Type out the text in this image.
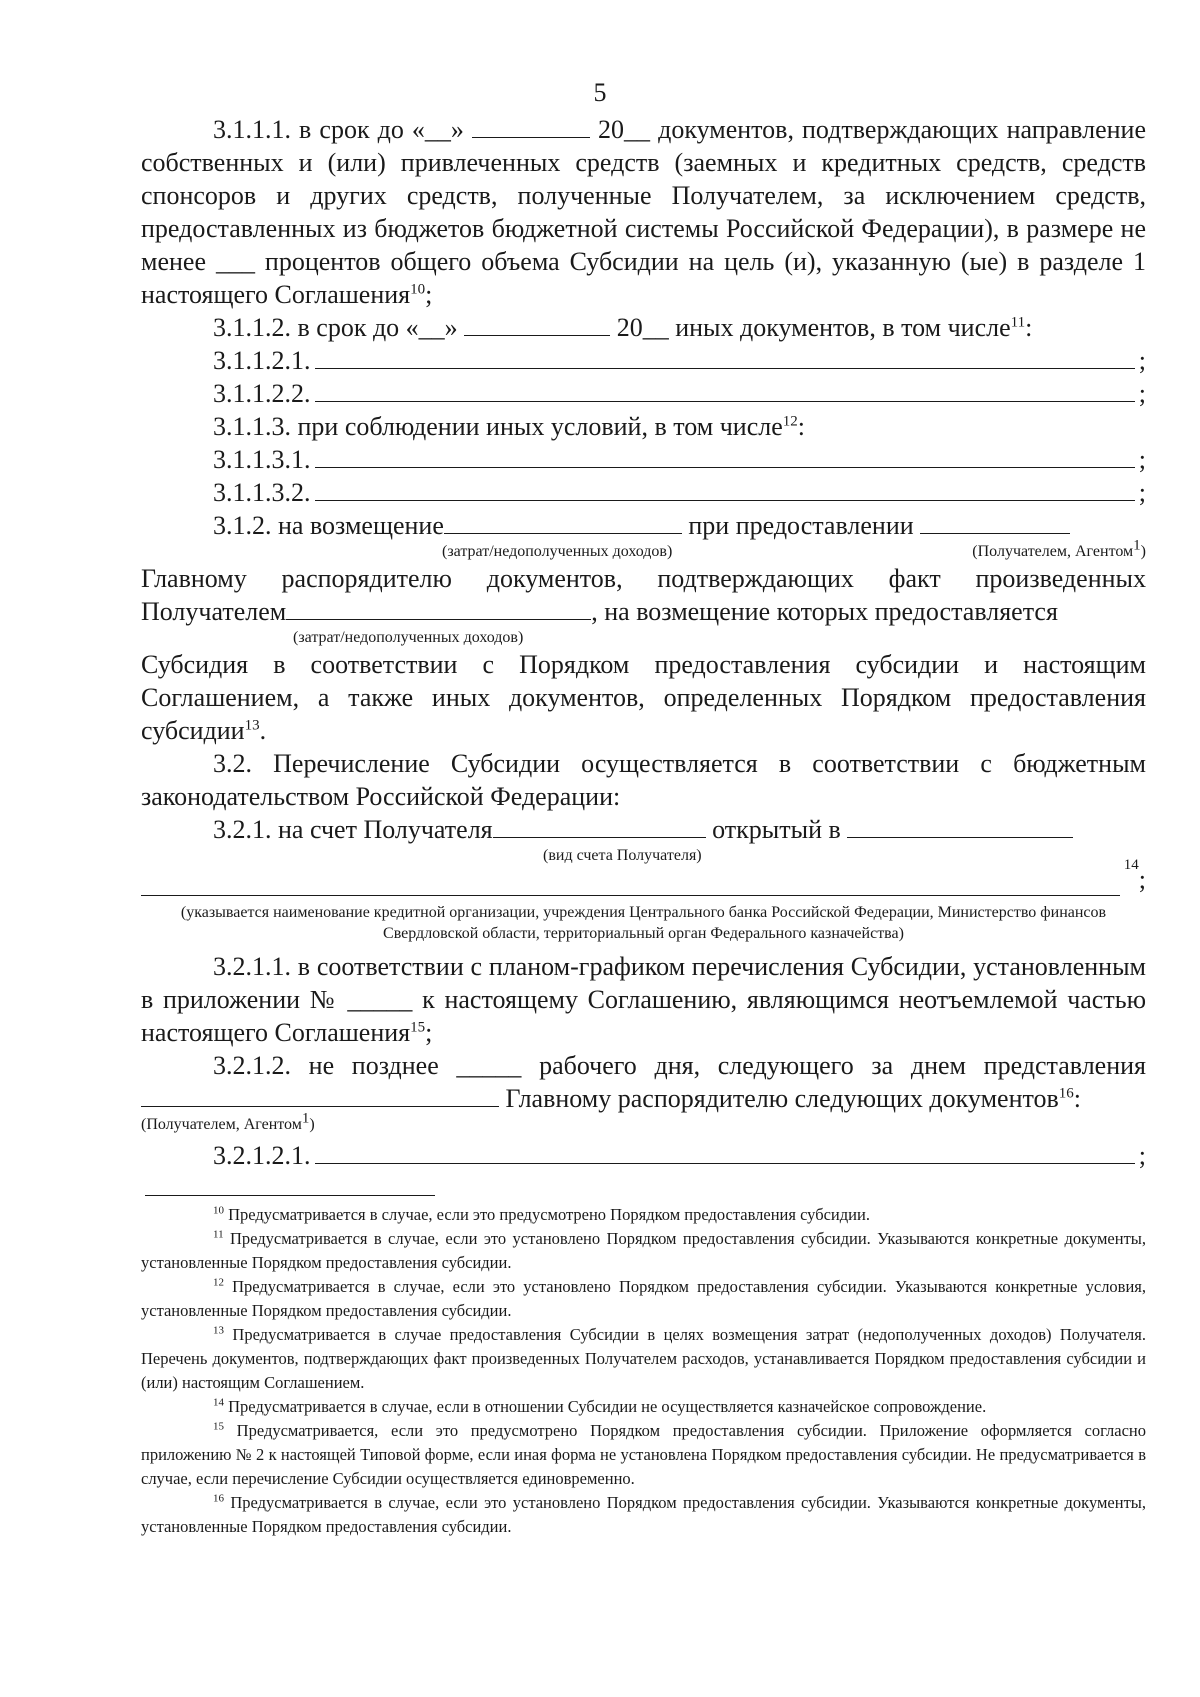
5

3.1.1.1. в срок до «__»	20__ документов, подтверждающих направление собственных и (или) привлеченных средств (заемных и кредитных средств, средств спонсоров и других средств, полученные Получателем, за исключением средств, предоставленных из бюджетов бюджетной системы Российской Федерации), в размере не менее ___ процентов общего объема Субсидии на цель (и), указанную (ые) в разделе 1 настоящего Соглашения$^{10}$;

3.1.1.2. в срок до «__»	20__ иных документов, в том числе$^{11}$:

3.1.1.2.1.	;
3.1.1.2.2.	;

3.1.1.3. при соблюдении иных условий, в том числе$^{12}$:

3.1.1.3.1.	;
3.1.1.3.2.	;
3.1.2. на возмещение	при предоставлении
(затрат/недополученных доходов)	(Получателем, Агентом$^1$)

Главному распорядителю документов, подтверждающих факт произведенных

Получателем	, на возмещение которых предоставляется
(затрат/недополученных доходов)

Субсидия в соответствии с Порядком предоставления субсидии и настоящим Соглашением, а также иных документов, определенных Порядком предоставления субсидии$^{13}$.

3.2. Перечисление Субсидии осуществляется в соответствии с бюджетным законодательством Российской Федерации:

3.2.1. на счет Получателя	открытый в
(вид счета Получателя)
14 ;
(указывается наименование кредитной организации, учреждения Центрального банка Российской Федерации, Министерство финансов Свердловской области, территориальный орган Федерального казначейства)

3.2.1.1. в соответствии с планом-графиком перечисления Субсидии, установленным в приложении № _____ к настоящему Соглашению, являющимся неотъемлемой частью настоящего Соглашения$^{15}$;

3.2.1.2. не позднее _____ рабочего дня, следующего за днем представления

Главному распорядителю следующих документов$^{16}$:
(Получателем, Агентом$^1$)
3.2.1.2.1.	;

$^{10}$ Предусматривается в случае, если это предусмотрено Порядком предоставления субсидии.

$^{11}$ Предусматривается в случае, если это установлено Порядком предоставления субсидии. Указываются конкретные документы, установленные Порядком предоставления субсидии.

$^{12}$ Предусматривается в случае, если это установлено Порядком предоставления субсидии. Указываются конкретные условия, установленные Порядком предоставления субсидии.

$^{13}$ Предусматривается в случае предоставления Субсидии в целях возмещения затрат (недополученных доходов) Получателя. Перечень документов, подтверждающих факт произведенных Получателем расходов, устанавливается Порядком предоставления субсидии и (или) настоящим Соглашением.

$^{14}$ Предусматривается в случае, если в отношении Субсидии не осуществляется казначейское сопровождение.

$^{15}$ Предусматривается, если это предусмотрено Порядком предоставления субсидии. Приложение оформляется согласно приложению № 2 к настоящей Типовой форме, если иная форма не установлена Порядком предоставления субсидии. Не предусматривается в случае, если перечисление Субсидии осуществляется единовременно.

$^{16}$ Предусматривается в случае, если это установлено Порядком предоставления субсидии. Указываются конкретные документы, установленные Порядком предоставления субсидии.
